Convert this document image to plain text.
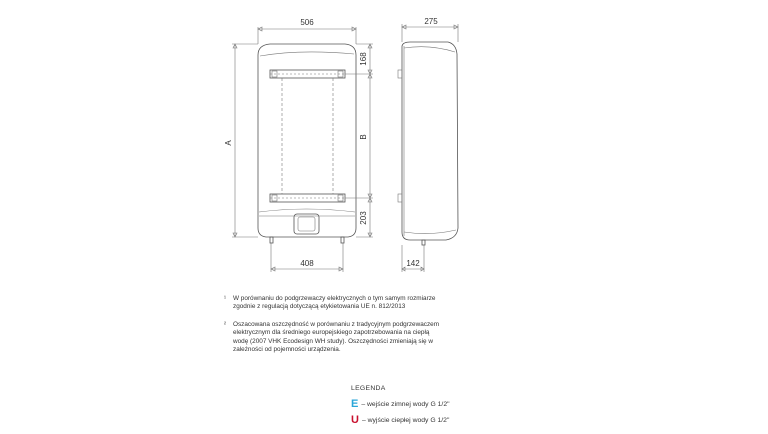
506
A
168
B
203
408
275
142
¹ W porównaniu do podgrzewaczy elektrycznych o tym samym rozmiarze
zgodnie z regulacją dotyczącą etykietowania UE n. 812/2013
² Oszacowana oszczędność w porównaniu z tradycyjnym podgrzewaczem
elektrycznym dla średniego europejskiego zapotrzebowania na ciepłą
wodę (2007 VHK Ecodesign WH study). Oszczędności zmieniają się w
zależności od pojemności urządzenia.
LEGENDA
E – wejście zimnej wody G 1/2"
U – wyjście ciepłej wody G 1/2"
